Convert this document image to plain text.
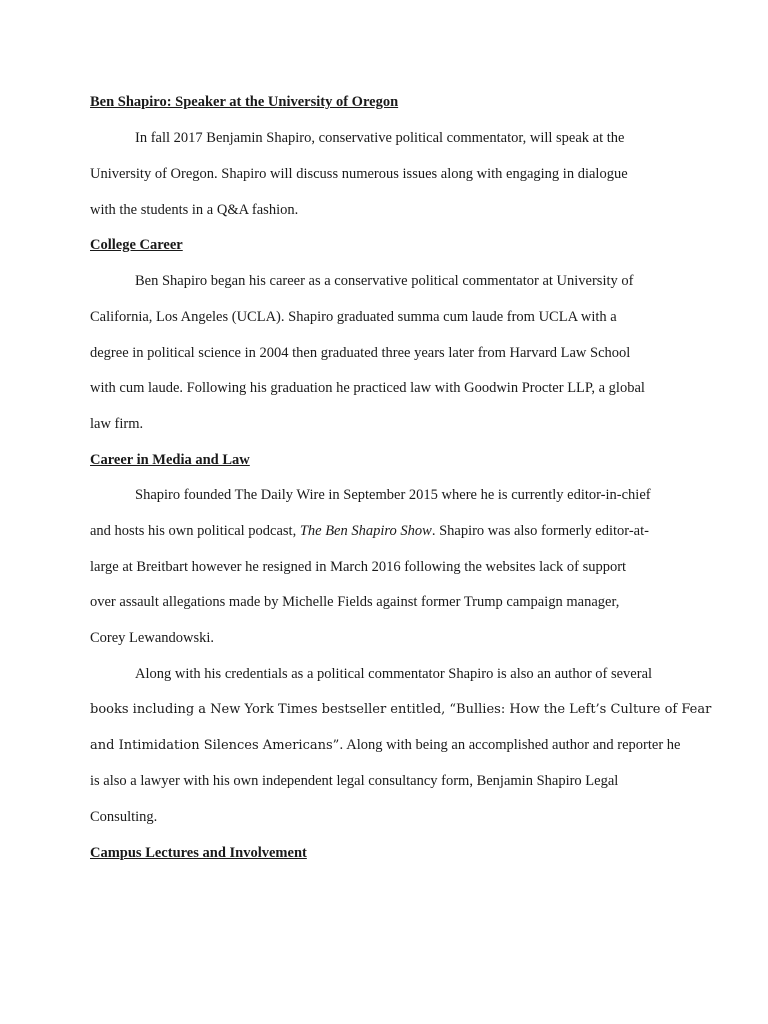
Ben Shapiro: Speaker at the University of Oregon
In fall 2017 Benjamin Shapiro, conservative political commentator, will speak at the
University of Oregon. Shapiro will discuss numerous issues along with engaging in dialogue
with the students in a Q&A fashion.
College Career
Ben Shapiro began his career as a conservative political commentator at University of
California, Los Angeles (UCLA). Shapiro graduated summa cum laude from UCLA with a
degree in political science in 2004 then graduated three years later from Harvard Law School
with cum laude. Following his graduation he practiced law with Goodwin Procter LLP, a global
law firm.
Career in Media and Law
Shapiro founded The Daily Wire in September 2015 where he is currently editor-in-chief
and hosts his own political podcast, The Ben Shapiro Show. Shapiro was also formerly editor-at-
large at Breitbart however he resigned in March 2016 following the websites lack of support
over assault allegations made by Michelle Fields against former Trump campaign manager,
Corey Lewandowski.
Along with his credentials as a political commentator Shapiro is also an author of several
books including a New York Times bestseller entitled, “Bullies: How the Left’s Culture of Fear
and Intimidation Silences Americans”. Along with being an accomplished author and reporter he
is also a lawyer with his own independent legal consultancy form, Benjamin Shapiro Legal
Consulting.
Campus Lectures and Involvement
